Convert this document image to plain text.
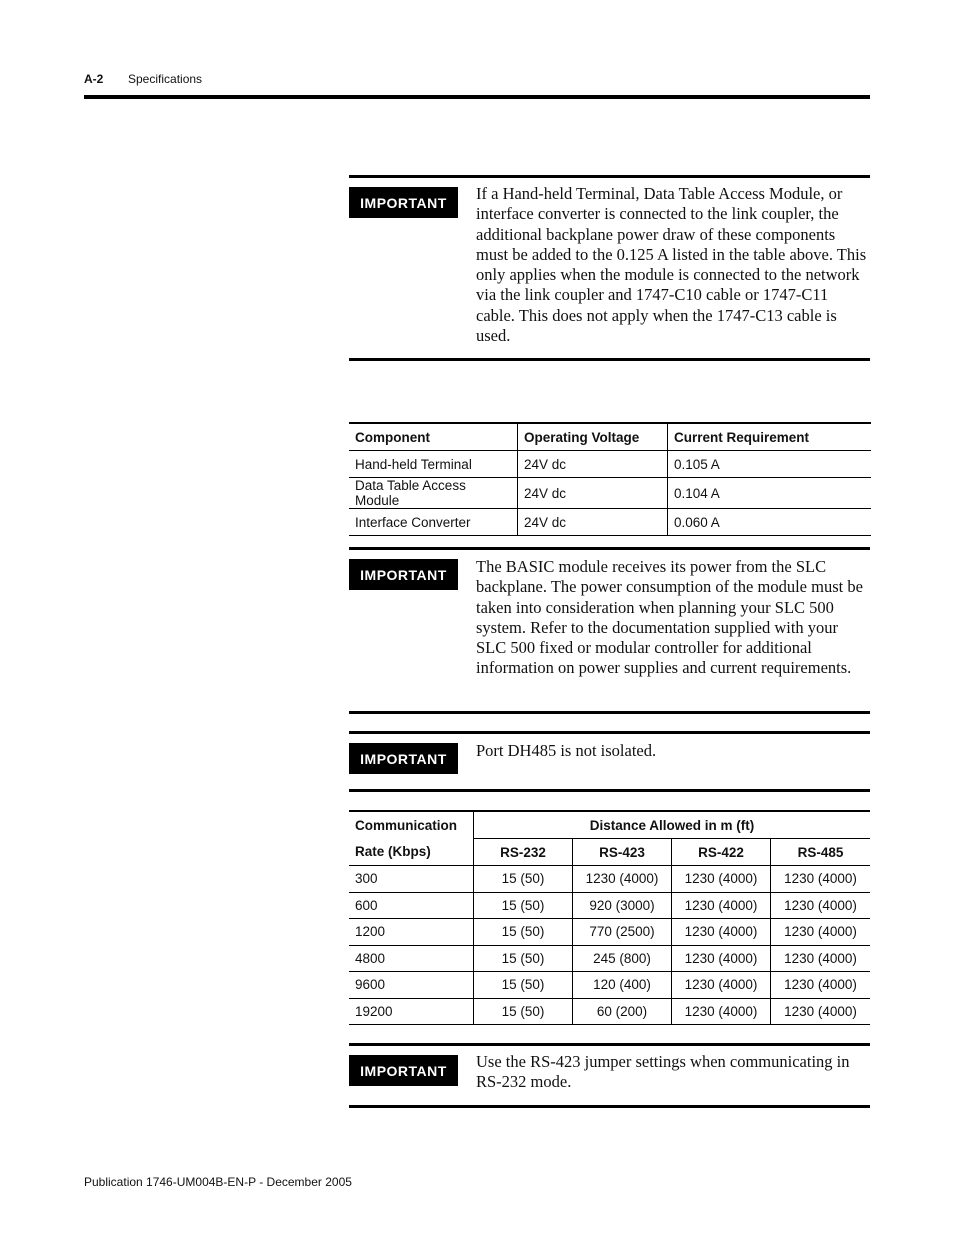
A-2 Specifications
IMPORTANT	If a Hand-held Terminal, Data Table Access Module, or interface converter is connected to the link coupler, the additional backplane power draw of these components must be added to the 0.125 A listed in the table above. This only applies when the module is connected to the network via the link coupler and 1747-C10 cable or 1747-C11 cable. This does not apply when the 1747-C13 cable is used.
Component	Operating Voltage	Current Requirement
Hand-held Terminal	24V dc	0.105 A
Data Table Access Module	24V dc	0.104 A
Interface Converter	24V dc	0.060 A
IMPORTANT	The BASIC module receives its power from the SLC backplane. The power consumption of the module must be taken into consideration when planning your SLC 500 system. Refer to the documentation supplied with your SLC 500 fixed or modular controller for additional information on power supplies and current requirements.
IMPORTANT	Port DH485 is not isolated.
Communication	Distance Allowed in m (ft)			
Rate (Kbps)	RS-232	RS-423	RS-422	RS-485
300	15 (50)	1230 (4000)	1230 (4000)	1230 (4000)
600	15 (50)	920 (3000)	1230 (4000)	1230 (4000)
1200	15 (50)	770 (2500)	1230 (4000)	1230 (4000)
4800	15 (50)	245 (800)	1230 (4000)	1230 (4000)
9600	15 (50)	120 (400)	1230 (4000)	1230 (4000)
19200	15 (50)	60 (200)	1230 (4000)	1230 (4000)
IMPORTANT	Use the RS-423 jumper settings when communicating in RS-232 mode.
Publication 1746-UM004B-EN-P - December 2005
